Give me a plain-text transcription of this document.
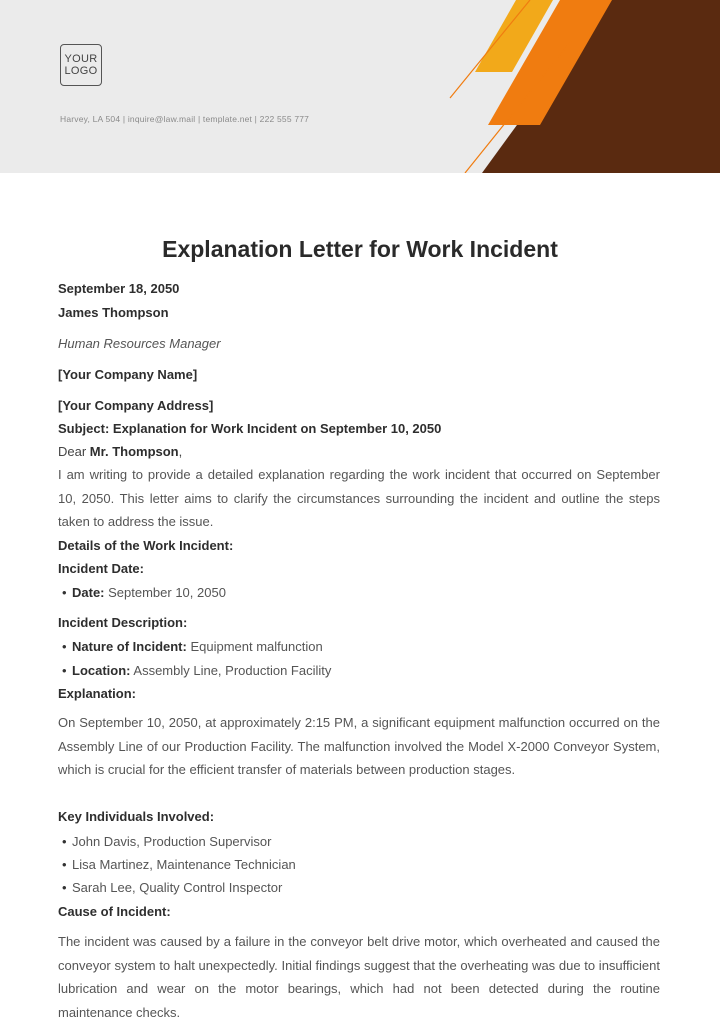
YOUR
LOGO
Harvey, LA 504 | inquire@law.mail | template.net | 222 555 777
Explanation Letter for Work Incident
September 18, 2050
James Thompson
Human Resources Manager
[Your Company Name]
[Your Company Address]
Subject: Explanation for Work Incident on September 10, 2050
Dear Mr. Thompson,
I am writing to provide a detailed explanation regarding the work incident that occurred on September 10, 2050. This letter aims to clarify the circumstances surrounding the incident and outline the steps taken to address the issue.
Details of the Work Incident:
Incident Date:
• Date: September 10, 2050
Incident Description:
• Nature of Incident: Equipment malfunction
• Location: Assembly Line, Production Facility
Explanation:
On September 10, 2050, at approximately 2:15 PM, a significant equipment malfunction occurred on the Assembly Line of our Production Facility. The malfunction involved the Model X-2000 Conveyor System, which is crucial for the efficient transfer of materials between production stages.
Key Individuals Involved:
• John Davis, Production Supervisor
• Lisa Martinez, Maintenance Technician
• Sarah Lee, Quality Control Inspector
Cause of Incident:
The incident was caused by a failure in the conveyor belt drive motor, which overheated and caused the conveyor system to halt unexpectedly. Initial findings suggest that the overheating was due to insufficient lubrication and wear on the motor bearings, which had not been detected during the routine maintenance checks.
